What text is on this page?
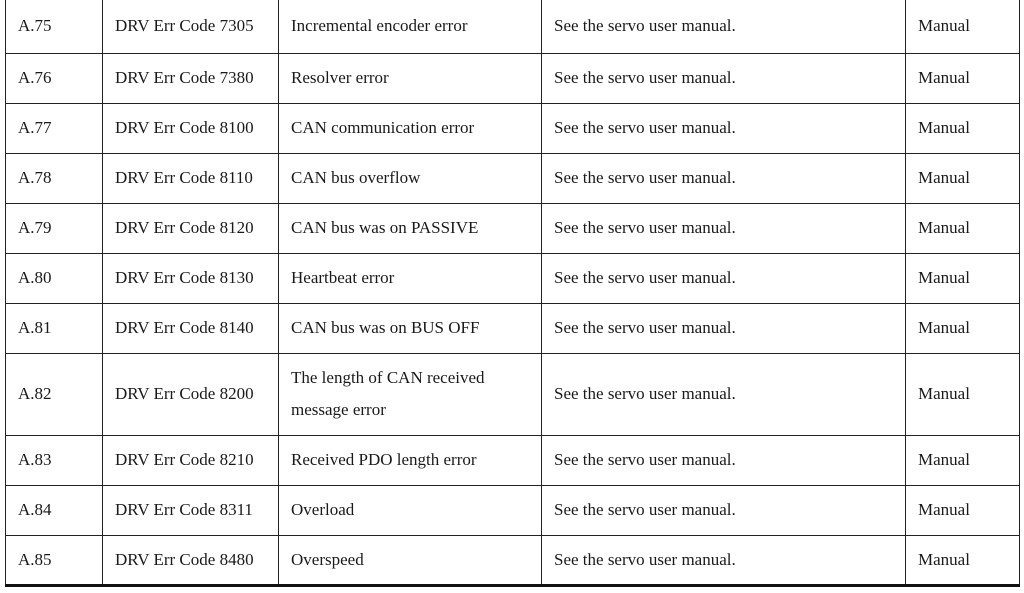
A.75	DRV Err Code 7305	Incremental encoder error	See the servo user manual.	Manual
A.76	DRV Err Code 7380	Resolver error	See the servo user manual.	Manual
A.77	DRV Err Code 8100	CAN communication error	See the servo user manual.	Manual
A.78	DRV Err Code 8110	CAN bus overflow	See the servo user manual.	Manual
A.79	DRV Err Code 8120	CAN bus was on PASSIVE	See the servo user manual.	Manual
A.80	DRV Err Code 8130	Heartbeat error	See the servo user manual.	Manual
A.81	DRV Err Code 8140	CAN bus was on BUS OFF	See the servo user manual.	Manual
A.82	DRV Err Code 8200	The length of CAN received message error	See the servo user manual.	Manual
A.83	DRV Err Code 8210	Received PDO length error	See the servo user manual.	Manual
A.84	DRV Err Code 8311	Overload	See the servo user manual.	Manual
A.85	DRV Err Code 8480	Overspeed	See the servo user manual.	Manual
